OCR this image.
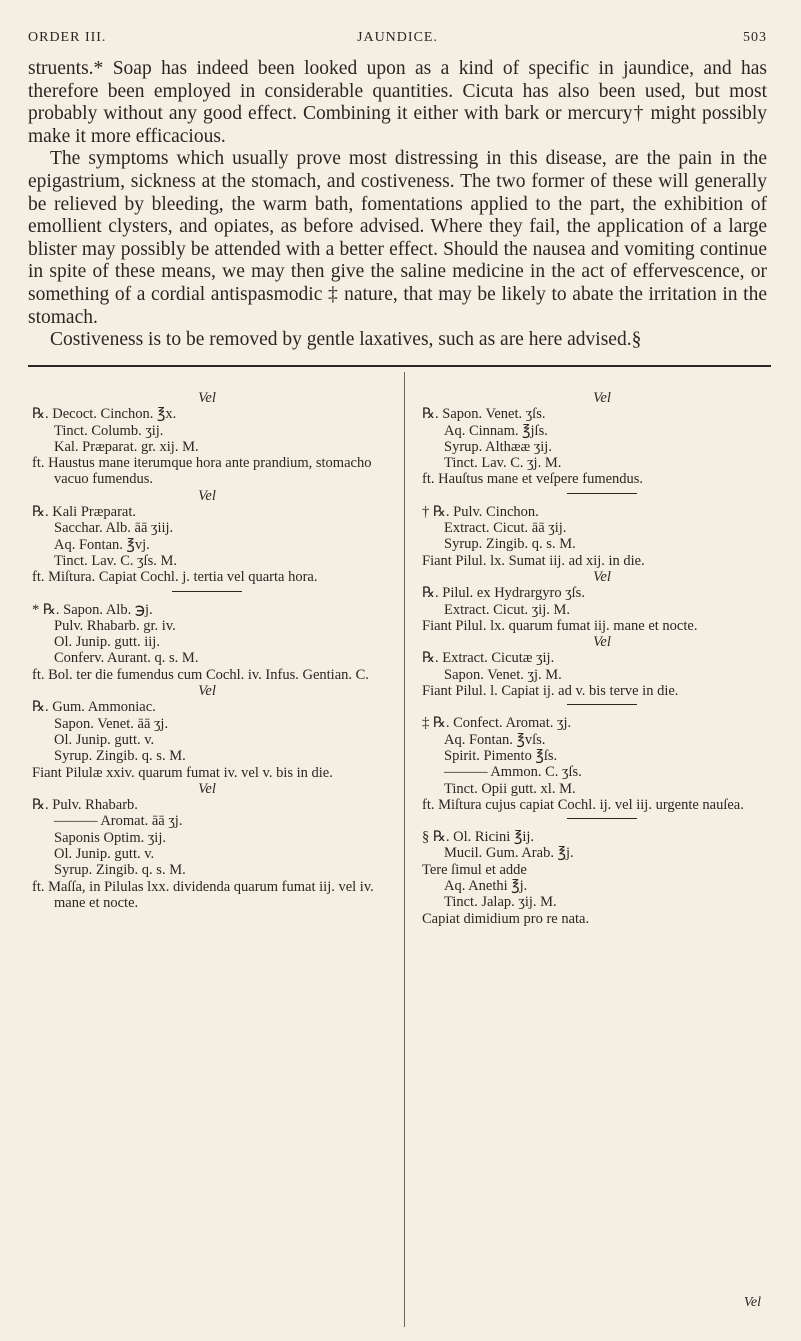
ORDER III.	JAUNDICE.	503

struents.* Soap has indeed been looked upon as a kind of specific in jaundice, and has therefore been employed in considerable quantities. Cicuta has also been used, but most probably without any good effect. Combining it either with bark or mercury† might possibly make it more efficacious.

The symptoms which usually prove most distressing in this disease, are the pain in the epigastrium, sickness at the stomach, and costiveness. The two former of these will generally be relieved by bleeding, the warm bath, fomentations applied to the part, the exhibition of emollient clysters, and opiates, as before advised. Where they fail, the application of a large blister may possibly be attended with a better effect. Should the nausea and vomiting continue in spite of these means, we may then give the saline medicine in the act of effervescence, or something of a cordial antispasmodic ‡ nature, that may be likely to abate the irritation in the stomach.

Costiveness is to be removed by gentle laxatives, such as are here advised.§

Vel
℞. Decoct. Cinchon. ℥x.
Tinct. Columb. ʒij.
Kal. Præparat. gr. xij. M.
ft. Haustus mane iterumque hora ante prandium, stomacho vacuo fumendus.
Vel
℞. Kali Præparat.
Sacchar. Alb. āā ʒiij.
Aq. Fontan. ℥vj.
Tinct. Lav. C. ʒſs. M.
ft. Miſtura. Capiat Cochl. j. tertia vel quarta hora.
* ℞. Sapon. Alb. ℈j.
Pulv. Rhabarb. gr. iv.
Ol. Junip. gutt. iij.
Conferv. Aurant. q. s. M.
ft. Bol. ter die fumendus cum Cochl. iv. Infus. Gentian. C.
Vel
℞. Gum. Ammoniac.
Sapon. Venet. āā ʒj.
Ol. Junip. gutt. v.
Syrup. Zingib. q. s. M.
Fiant Pilulæ xxiv. quarum fumat iv. vel v. bis in die.
Vel
℞. Pulv. Rhabarb.
——— Aromat. āā ʒj.
Saponis Optim. ʒij.
Ol. Junip. gutt. v.
Syrup. Zingib. q. s. M.
ft. Maſſa, in Pilulas lxx. dividenda quarum fumat iij. vel iv. mane et nocte.
Vel
℞. Sapon. Venet. ʒſs.
Aq. Cinnam. ℥jſs.
Syrup. Althææ ʒij.
Tinct. Lav. C. ʒj. M.
ft. Hauſtus mane et veſpere fumendus.
† ℞. Pulv. Cinchon.
Extract. Cicut. āā ʒij.
Syrup. Zingib. q. s. M.
Fiant Pilul. lx. Sumat iij. ad xij. in die.
Vel
℞. Pilul. ex Hydrargyro ʒſs.
Extract. Cicut. ʒij. M.
Fiant Pilul. lx. quarum fumat iij. mane et nocte.
Vel
℞. Extract. Cicutæ ʒij.
Sapon. Venet. ʒj. M.
Fiant Pilul. l. Capiat ij. ad v. bis terve in die.
‡ ℞. Confect. Aromat. ʒj.
Aq. Fontan. ℥vſs.
Spirit. Pimento ℥ſs.
——— Ammon. C. ʒſs.
Tinct. Opii gutt. xl. M.
ft. Miſtura cujus capiat Cochl. ij. vel iij. urgente nauſea.
§ ℞. Ol. Ricini ℥ij.
Mucil. Gum. Arab. ℥j.
Tere ſimul et adde
Aq. Anethi ℥j.
Tinct. Jalap. ʒij. M.
Capiat dimidium pro re nata.
Vel
